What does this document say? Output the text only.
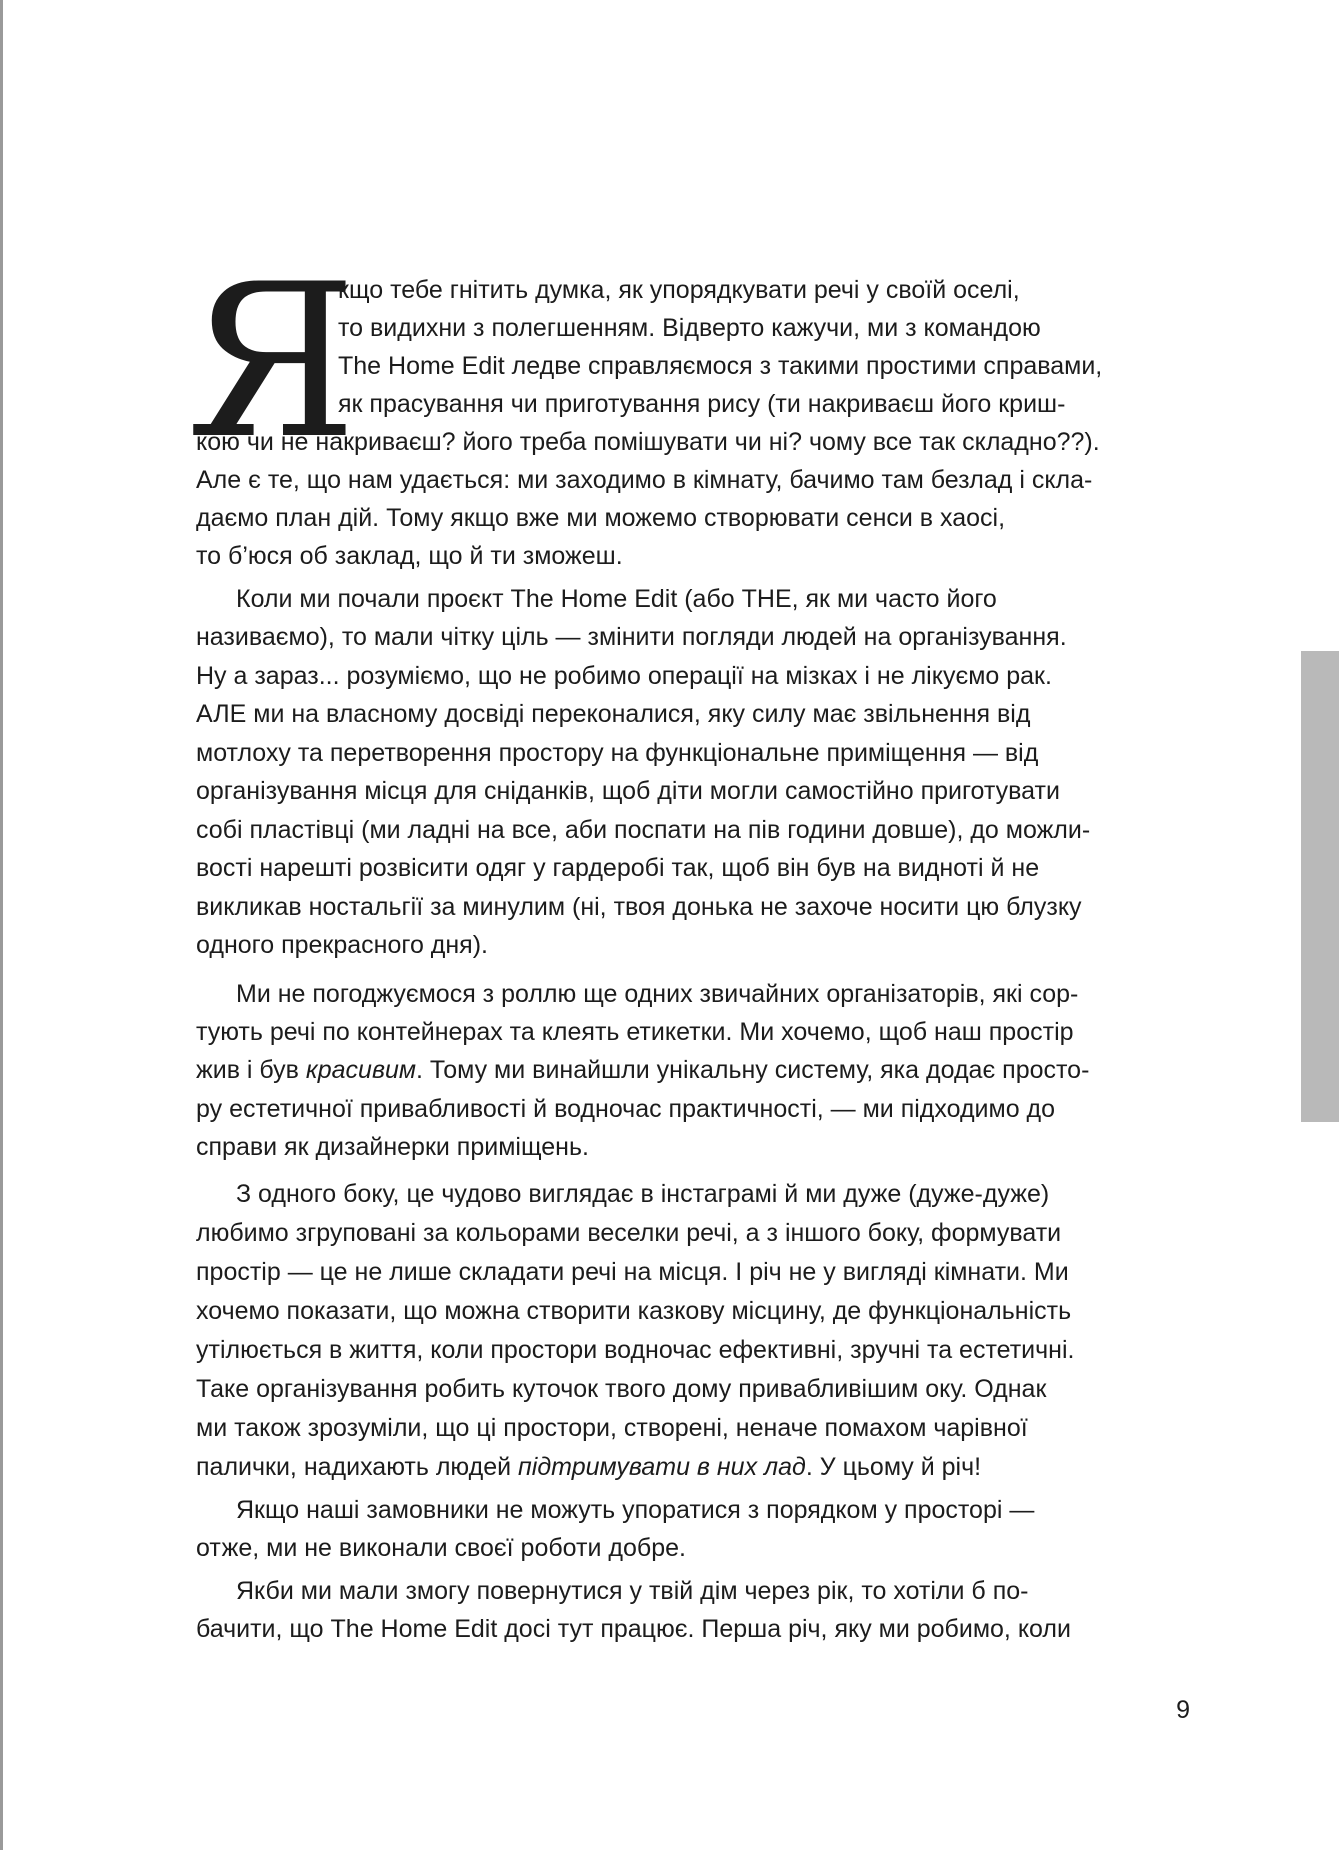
Я
кщо тебе гнітить думка, як упорядкувати речі у своїй оселі,
то видихни з полегшенням. Відверто кажучи, ми з командою
The Home Edit ледве справляємося з такими простими справами,
як прасування чи приготування рису (ти накриваєш його криш-
кою чи не накриваєш? його треба помішувати чи ні? чому все так складно??).
Але є те, що нам удається: ми заходимо в кімнату, бачимо там безлад і скла-
даємо план дій. Тому якщо вже ми можемо створювати сенси в хаосі,
то б’юся об заклад, що й ти зможеш.
Коли ми почали проєкт The Home Edit (або THE, як ми часто його
називаємо), то мали чітку ціль — змінити погляди людей на організування.
Ну а зараз... розуміємо, що не робимо операції на мізках і не лікуємо рак.
АЛЕ ми на власному досвіді переконалися, яку силу має звільнення від
мотлоху та перетворення простору на функціональне приміщення — від
організування місця для сніданків, щоб діти могли самостійно приготувати
собі пластівці (ми ладні на все, аби поспати на пів години довше), до можли-
вості нарешті розвісити одяг у гардеробі так, щоб він був на видноті й не
викликав ностальгії за минулим (ні, твоя донька не захоче носити цю блузку
одного прекрасного дня).
Ми не погоджуємося з роллю ще одних звичайних організаторів, які сор-
тують речі по контейнерах та клеять етикетки. Ми хочемо, щоб наш простір
жив і був красивим. Тому ми винайшли унікальну систему, яка додає просто-
ру естетичної привабливості й водночас практичності, — ми підходимо до
справи як дизайнерки приміщень.
З одного боку, це чудово виглядає в інстаграмі й ми дуже (дуже-дуже)
любимо згруповані за кольорами веселки речі, а з іншого боку, формувати
простір — це не лише складати речі на місця. І річ не у вигляді кімнати. Ми
хочемо показати, що можна створити казкову місцину, де функціональність
утілюється в життя, коли простори водночас ефективні, зручні та естетичні.
Таке організування робить куточок твого дому привабливішим оку. Однак
ми також зрозуміли, що ці простори, створені, неначе помахом чарівної
палички, надихають людей підтримувати в них лад. У цьому й річ!
Якщо наші замовники не можуть упоратися з порядком у просторі —
отже, ми не виконали своєї роботи добре.
Якби ми мали змогу повернутися у твій дім через рік, то хотіли б по-
бачити, що The Home Edit досі тут працює. Перша річ, яку ми робимо, коли
9
